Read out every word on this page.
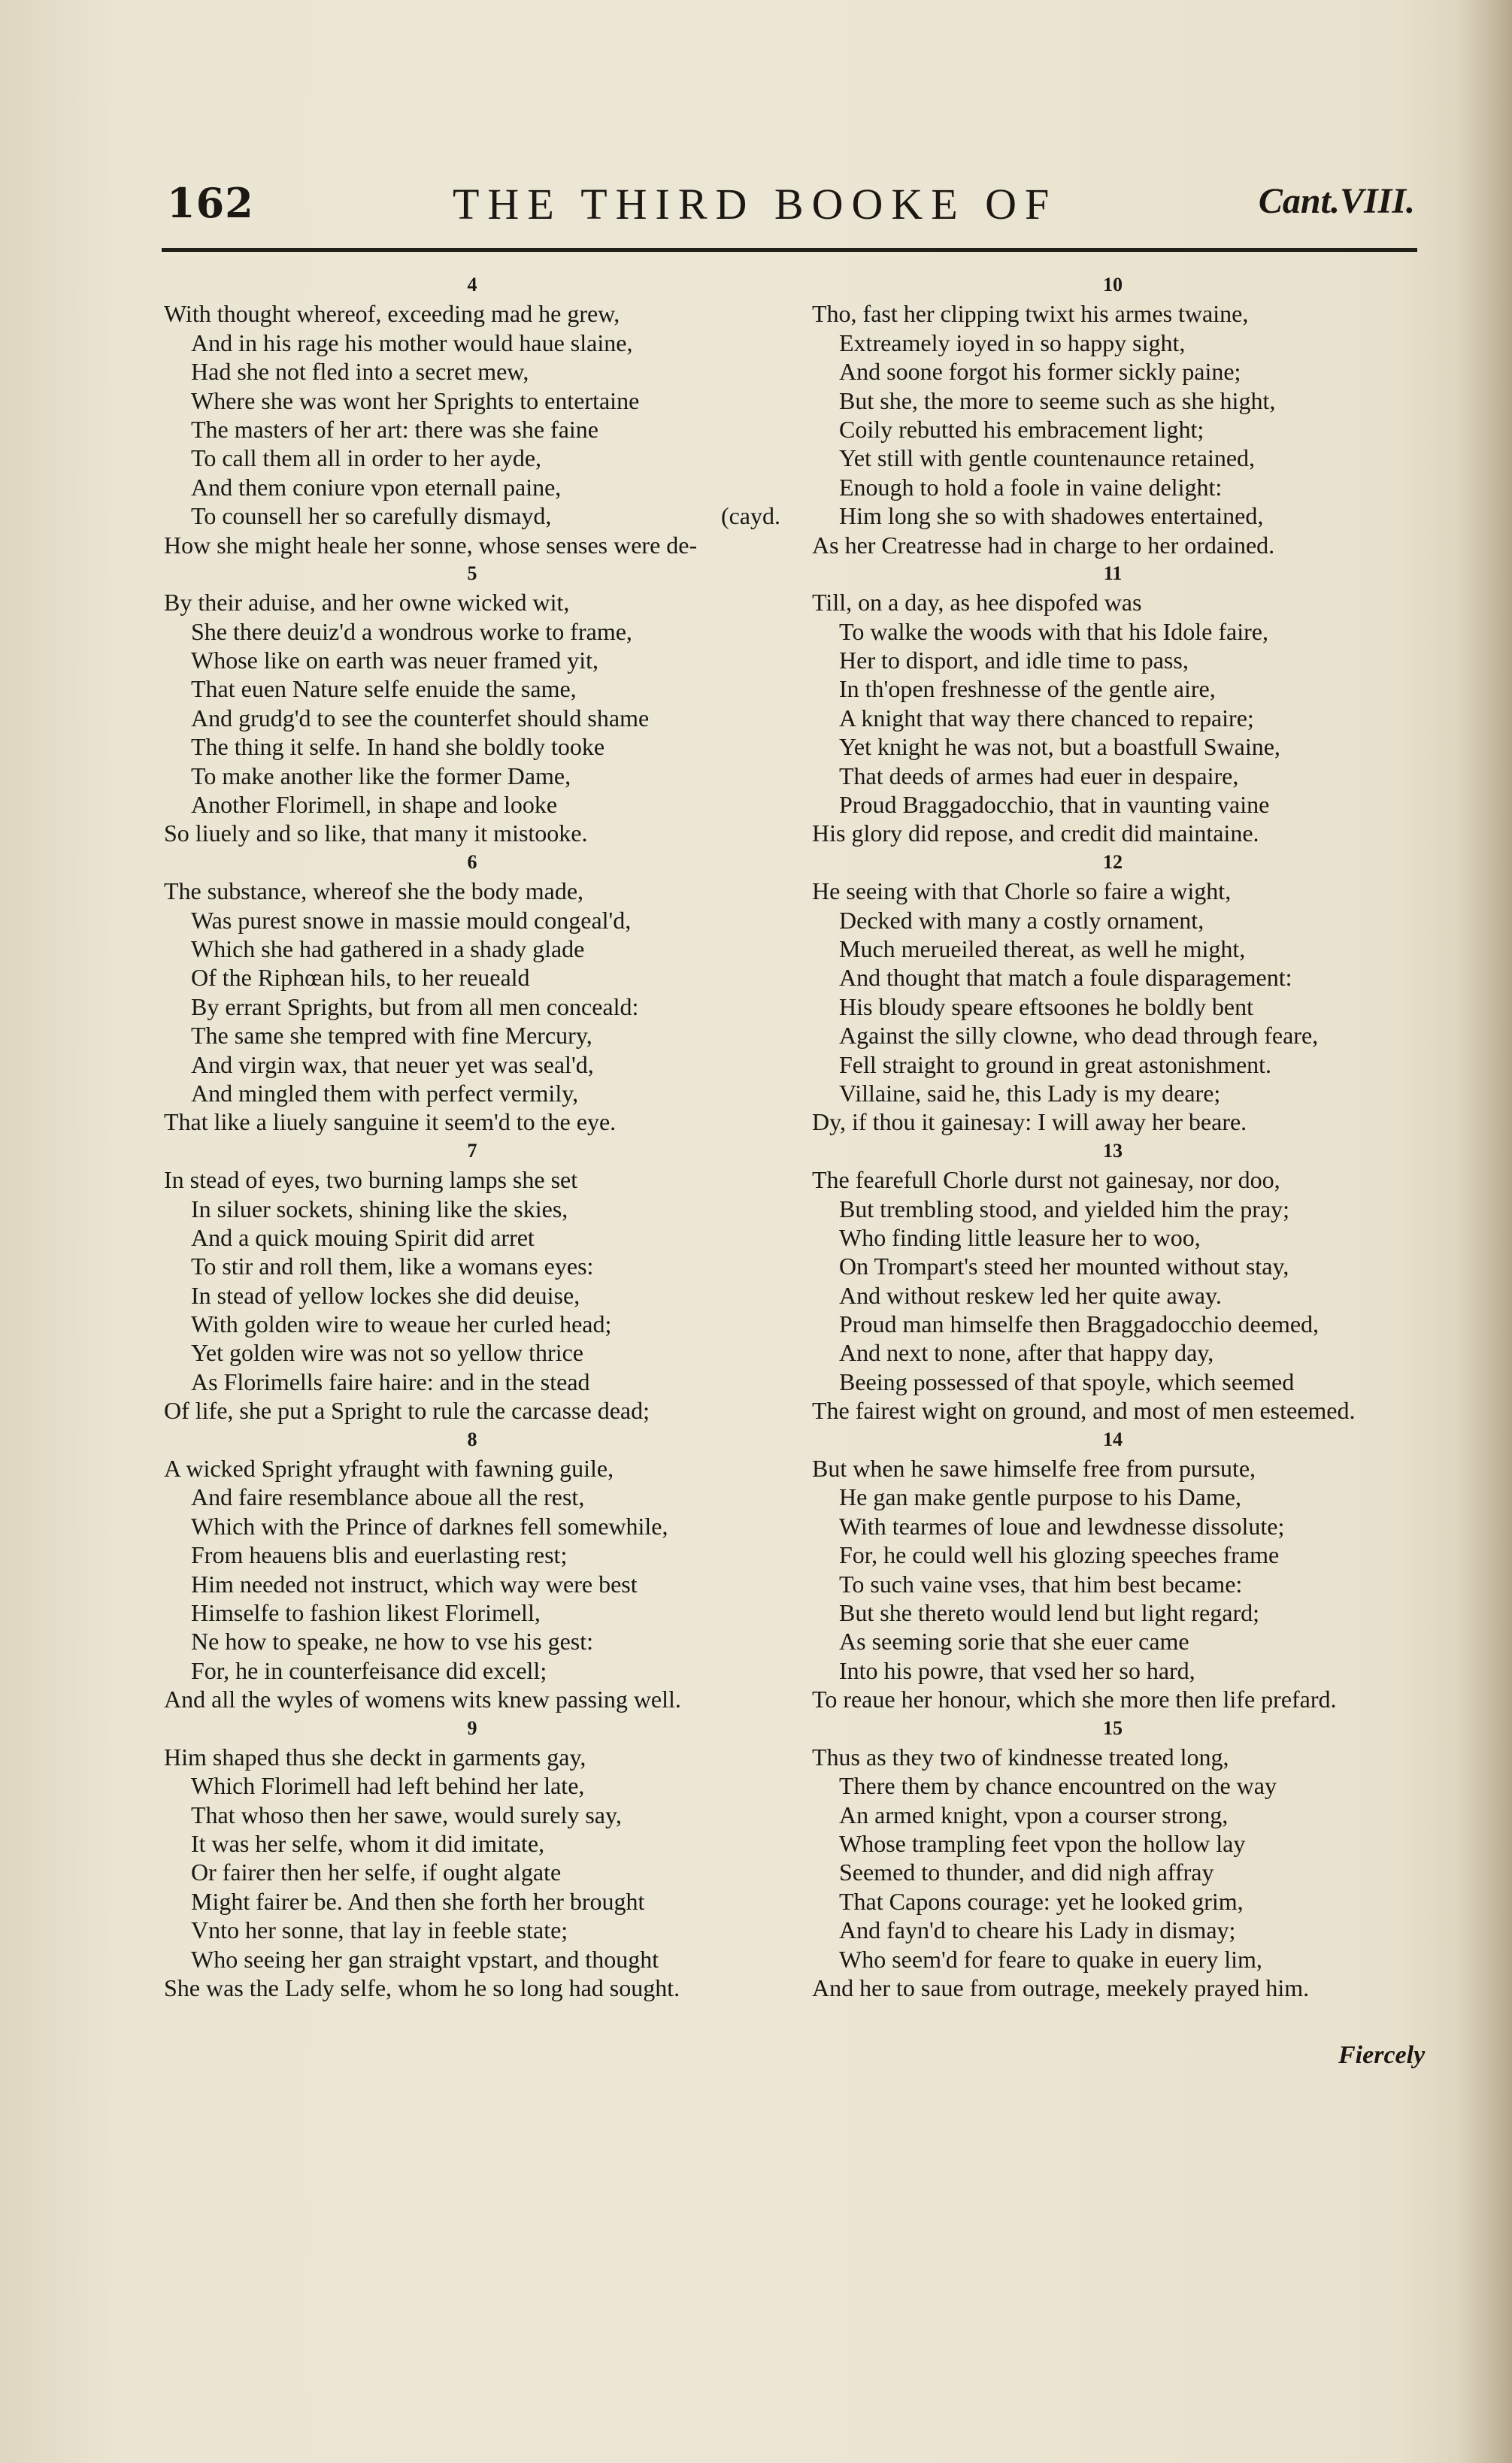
162	THE THIRD BOOKE OF	Cant.VIII.
4
With thought whereof, exceeding mad he grew,
And in his rage his mother would haue slaine,
Had she not fled into a secret mew,
Where she was wont her Sprights to entertaine
The masters of her art: there was she faine
To call them all in order to her ayde,
And them coniure vpon eternall paine,
To counsell her so carefully dismayd,
How she might heale her sonne, whose senses were de-
(cayd.
5
By their aduise, and her owne wicked wit,
She there deuiz'd a wondrous worke to frame,
Whose like on earth was neuer framed yit,
That euen Nature selfe enuide the same,
And grudg'd to see the counterfet should shame
The thing it selfe. In hand she boldly tooke
To make another like the former Dame,
Another Florimell, in shape and looke
So liuely and so like, that many it mistooke.
6
The substance, whereof she the body made,
Was purest snowe in massie mould congeal'd,
Which she had gathered in a shady glade
Of the Riphœan hils, to her reueald
By errant Sprights, but from all men conceald:
The same she tempred with fine Mercury,
And virgin wax, that neuer yet was seal'd,
And mingled them with perfect vermily,
That like a liuely sanguine it seem'd to the eye.
7
In stead of eyes, two burning lamps she set
In siluer sockets, shining like the skies,
And a quick mouing Spirit did arret
To stir and roll them, like a womans eyes:
In stead of yellow lockes she did deuise,
With golden wire to weaue her curled head;
Yet golden wire was not so yellow thrice
As Florimells faire haire: and in the stead
Of life, she put a Spright to rule the carcasse dead;
8
A wicked Spright yfraught with fawning guile,
And faire resemblance aboue all the rest,
Which with the Prince of darknes fell somewhile,
From heauens blis and euerlasting rest;
Him needed not instruct, which way were best
Himselfe to fashion likest Florimell,
Ne how to speake, ne how to vse his gest:
For, he in counterfeisance did excell;
And all the wyles of womens wits knew passing well.
9
Him shaped thus she deckt in garments gay,
Which Florimell had left behind her late,
That whoso then her sawe, would surely say,
It was her selfe, whom it did imitate,
Or fairer then her selfe, if ought algate
Might fairer be. And then she forth her brought
Vnto her sonne, that lay in feeble state;
Who seeing her gan straight vpstart, and thought
She was the Lady selfe, whom he so long had sought.
10
Tho, fast her clipping twixt his armes twaine,
Extreamely ioyed in so happy sight,
And soone forgot his former sickly paine;
But she, the more to seeme such as she hight,
Coily rebutted his embracement light;
Yet still with gentle countenaunce retained,
Enough to hold a foole in vaine delight:
Him long she so with shadowes entertained,
As her Creatresse had in charge to her ordained.
11
Till, on a day, as hee dispofed was
To walke the woods with that his Idole faire,
Her to disport, and idle time to pass,
In th'open freshnesse of the gentle aire,
A knight that way there chanced to repaire;
Yet knight he was not, but a boastfull Swaine,
That deeds of armes had euer in despaire,
Proud Braggadocchio, that in vaunting vaine
His glory did repose, and credit did maintaine.
12
He seeing with that Chorle so faire a wight,
Decked with many a costly ornament,
Much merueiled thereat, as well he might,
And thought that match a foule disparagement:
His bloudy speare eftsoones he boldly bent
Against the silly clowne, who dead through feare,
Fell straight to ground in great astonishment.
Villaine, said he, this Lady is my deare;
Dy, if thou it gainesay: I will away her beare.
13
The fearefull Chorle durst not gainesay, nor doo,
But trembling stood, and yielded him the pray;
Who finding little leasure her to woo,
On Trompart's steed her mounted without stay,
And without reskew led her quite away.
Proud man himselfe then Braggadocchio deemed,
And next to none, after that happy day,
Beeing possessed of that spoyle, which seemed
The fairest wight on ground, and most of men esteemed.
14
But when he sawe himselfe free from pursute,
He gan make gentle purpose to his Dame,
With tearmes of loue and lewdnesse dissolute;
For, he could well his glozing speeches frame
To such vaine vses, that him best became:
But she thereto would lend but light regard;
As seeming sorie that she euer came
Into his powre, that vsed her so hard,
To reaue her honour, which she more then life prefard.
15
Thus as they two of kindnesse treated long,
There them by chance encountred on the way
An armed knight, vpon a courser strong,
Whose trampling feet vpon the hollow lay
Seemed to thunder, and did nigh affray
That Capons courage: yet he looked grim,
And fayn'd to cheare his Lady in dismay;
Who seem'd for feare to quake in euery lim,
And her to saue from outrage, meekely prayed him.
Fiercely
